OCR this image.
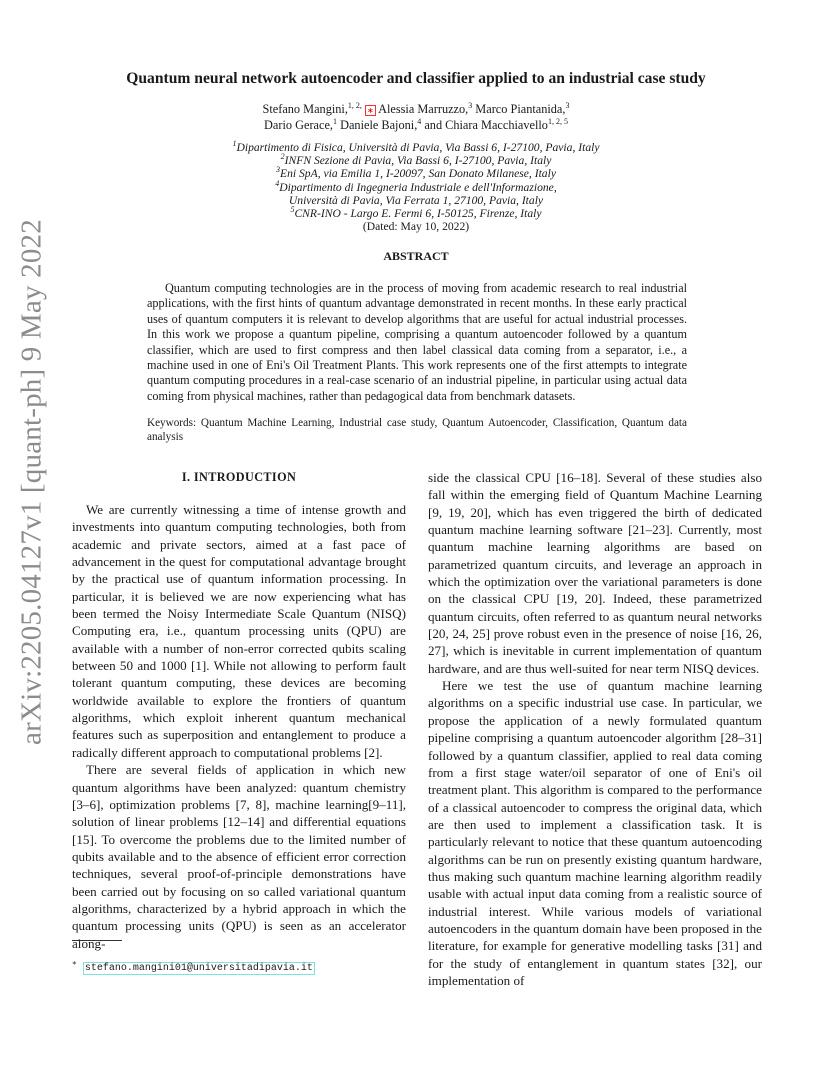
arXiv:2205.04127v1 [quant-ph] 9 May 2022
Quantum neural network autoencoder and classifier applied to an industrial case study
Stefano Mangini,$^{1, 2,}$ ∗ Alessia Marruzzo,$^3$ Marco Piantanida,$^3$
Dario Gerace,$^1$ Daniele Bajoni,$^4$ and Chiara Macchiavello$^{1, 2, 5}$
$^1$Dipartimento di Fisica, Università di Pavia, Via Bassi 6, I-27100, Pavia, Italy
$^2$INFN Sezione di Pavia, Via Bassi 6, I-27100, Pavia, Italy
$^3$Eni SpA, via Emilia 1, I-20097, San Donato Milanese, Italy
$^4$Dipartimento di Ingegneria Industriale e dell'Informazione,
Università di Pavia, Via Ferrata 1, 27100, Pavia, Italy
$^5$CNR-INO - Largo E. Fermi 6, I-50125, Firenze, Italy
(Dated: May 10, 2022)
ABSTRACT

Quantum computing technologies are in the process of moving from academic research to real industrial applications, with the first hints of quantum advantage demonstrated in recent months. In these early practical uses of quantum computers it is relevant to develop algorithms that are useful for actual industrial processes. In this work we propose a quantum pipeline, comprising a quantum autoencoder followed by a quantum classifier, which are used to first compress and then label classical data coming from a separator, i.e., a machine used in one of Eni's Oil Treatment Plants. This work represents one of the first attempts to integrate quantum computing procedures in a real-case scenario of an industrial pipeline, in particular using actual data coming from physical machines, rather than pedagogical data from benchmark datasets.

Keywords: Quantum Machine Learning, Industrial case study, Quantum Autoencoder, Classification, Quantum data analysis

I. INTRODUCTION

We are currently witnessing a time of intense growth and investments into quantum computing technologies, both from academic and private sectors, aimed at a fast pace of advancement in the quest for computational advantage brought by the practical use of quantum information processing. In particular, it is believed we are now experiencing what has been termed the Noisy Intermediate Scale Quantum (NISQ) Computing era, i.e., quantum processing units (QPU) are available with a number of non-error corrected qubits scaling between 50 and 1000 [1]. While not allowing to perform fault tolerant quantum computing, these devices are becoming worldwide available to explore the frontiers of quantum algorithms, which exploit inherent quantum mechanical features such as superposition and entanglement to produce a radically different approach to computational problems [2].

There are several fields of application in which new quantum algorithms have been analyzed: quantum chemistry [3–6], optimization problems [7, 8], machine learning[9–11], solution of linear problems [12–14] and differential equations [15]. To overcome the problems due to the limited number of qubits available and to the absence of efficient error correction techniques, several proof-of-principle demonstrations have been carried out by focusing on so called variational quantum algorithms, characterized by a hybrid approach in which the quantum processing units (QPU) is seen as an accelerator along-

side the classical CPU [16–18]. Several of these studies also fall within the emerging field of Quantum Machine Learning [9, 19, 20], which has even triggered the birth of dedicated quantum machine learning software [21–23]. Currently, most quantum machine learning algorithms are based on parametrized quantum circuits, and leverage an approach in which the optimization over the variational parameters is done on the classical CPU [19, 20]. Indeed, these parametrized quantum circuits, often referred to as quantum neural networks [20, 24, 25] prove robust even in the presence of noise [16, 26, 27], which is inevitable in current implementation of quantum hardware, and are thus well-suited for near term NISQ devices.

Here we test the use of quantum machine learning algorithms on a specific industrial use case. In particular, we propose the application of a newly formulated quantum pipeline comprising a quantum autoencoder algorithm [28–31] followed by a quantum classifier, applied to real data coming from a first stage water/oil separator of one of Eni's oil treatment plant. This algorithm is compared to the performance of a classical autoencoder to compress the original data, which are then used to implement a classification task. It is particularly relevant to notice that these quantum autoencoding algorithms can be run on presently existing quantum hardware, thus making such quantum machine learning algorithm readily usable with actual input data coming from a realistic source of industrial interest. While various models of variational autoencoders in the quantum domain have been proposed in the literature, for example for generative modelling tasks [31] and for the study of entanglement in quantum states [32], our implementation of

∗ stefano.mangini01@universitadipavia.it
